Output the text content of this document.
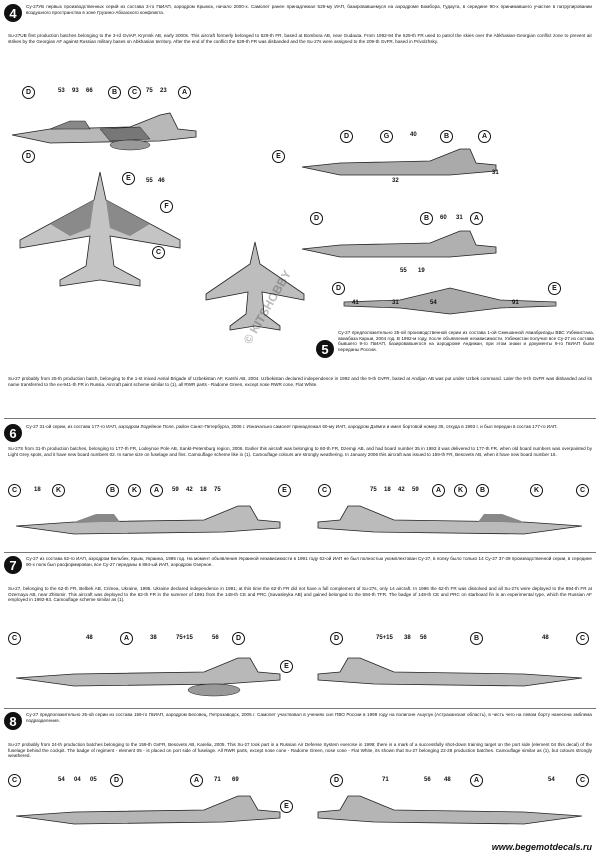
4	Су-27УБ первых производственных серий из состава 3-го ГвИАП, аэродром Крымск, начало 2000-х. Самолет ранее принадлежал 529-му ИАП, базировавшемуся на аэродроме Бомбора, Гудаута, в середине 90-х принимавшего участие в патрулировании воздушного пространства в зоне Грузино-Абхазского конфликта.
Su-27UB first production batches belonging to the 3-rd GvIAP, Krymsk AB, early 2000s. This aircraft formerly belonged to 529-th FR, based at Bombora AB, near Gudauta. From 1992-94 the 529-th FR used to patrol the skies over the Abkhasian-Georgian conflict zone to prevent air strikes by the Georgian AF against Russian military bases on Abkhasian territory. After the end of the conflict the 529-th FR was disbanded and the Su-27s were assigned to the 209-th GvFR, based in Privolzhsky.
D	B	C	A
53 93 66	75 23
D
E
F
C
55 46
D	G	B	A
E
40
31
32
D	B	A
60 31
55 19
© KITSHOBBY	D	E
5
Су-27 предположительно 25-ой производственной серии из состава 1-ой Смешанной Авиабригады ВВС Узбекистана, авиабаза Карши, 2004 год. В 1992-м году, после объявления независимости, Узбекистан получил все Су-27 из состава бывшего 9-го ГвИАП, базировавшегося на аэродроме Андижан, при этом знаки и документы 9-го ГвИАП были переданы России.
Su-27 probably from 25-th production batch, belonging to the 1-st mixed Aerial Brigade of Uzbekistan AF, Karshi AB, 2004. Uzbekistan declared independence in 1992 and the 9-th GvFR, based at Andijan AB was put under Uzbek command. Later the 9-th GvFR was disbanded and its name transferred to the ex-941-th FR in Russia. Aircraft paint scheme similar to (1), all RWR parts - Radome Green, except nose RWR cone, Flat White.
41	31	54	91
6	Су-27 31-ой серии, из состава 177-го ИАП, аэродром Лодейное Поле, район Санкт-Петербурга, 2006 г. Изначально самолет принадлежал 60-му ИАП, аэродром Дзёмги и имел бортовой номер 35, откуда в 1993 г. и был передан в состав 177-го ИАП.
Su-27S from 31-th production batches, belonging to 177-th FR, Lodeynoe Pole AB, Sankt-Petersburg region, 2006. Earlier this aircraft was belonging to 60-th FR, Dzemgi AB, and had board number 35 in 1993 it was delivered to 177-th FR, when old board numbers was overpainted by Light Grey spots, and it have new board numbers 02. In same size on fuselage and fins. Camouflage scheme like in (1). Camouflage colours are strongly weathering. In January 2006 this aircraft was issued to 159-th FR, Besovets AB, when it have new board number 16.
C	K	B	K	A	E
18	59 42 18 75	C	A	K	B	K	C
75 18 42 59
7	Су-27 из состава 62-го ИАП, аэродром Бельбек, Крым, Украина, 1995 год. На момент объявления Украиной независимости в 1991 году 62-ой ИАП не был полностью укомплектован Су-27, в полку было только 14 Су-27 37-39 производственной серии, в середине 90-х полк был расформирован, все Су-27 переданы в 894-ый ИАП, аэродром Озерное.
Su-27, belonging to the 62-th FR, Belbek AB, Crimea, Ukraine, 1995. Ukraine declared independence in 1991; at this time the 62-th FR did not have a full complement of Su-27s, only 14 aircraft. In 1996 the 62-th FR was dissolved and all Su-27s were deployed to the 894-th FR at Ozernaya AB, near Zhitomir. This aircraft was deployed to the 62-th FR in the summer of 1991 from the 148-th CE and PRC (Savasleyka AB) and gained belonged to the 594-th TFR. The badge of 148-th CE and PRC on starboard fin is an experimental type, which the Russian AF employed in 1992-93. Camouflage scheme similar as (1).
C	A	D
E
48	38	75+15	56	D	B	C
75+15 38 56	48
8	Су-27 предположительно 25-ой серии из состава 159-го ГвИАП, аэродром Бесовец, Петрозаводск, 2005 г. Самолет участвовал в учениях сил ПВО России в 1999 году на полигоне Ашулук (Астраханская область), в честь чего на левом борту нанесена эмблема подразделения.
Su-27 probably from 24-th production batches belonging to the 159-th GvFR, Besovets AB, Karelia, 2005. This Su-27 took part in a Russian Air Defense System exercise in 1999; there is a mark of a successfully shot-down training target on the port side (element 04 this decal) of the fuselage behind the cockpit. The badge of regiment - element 05 - is placed on port side of fuselage. All RWR parts, except nose cone - Radome Green, nose cone - Flat White, its shown that Su-27 belonging 22-28 production batches. Camouflage similar as (1), but colours strongly weathered.
C	D	A
E
54 04 05	71 69	D	A	C
71	56 48	54
www.begemotdecals.ru
